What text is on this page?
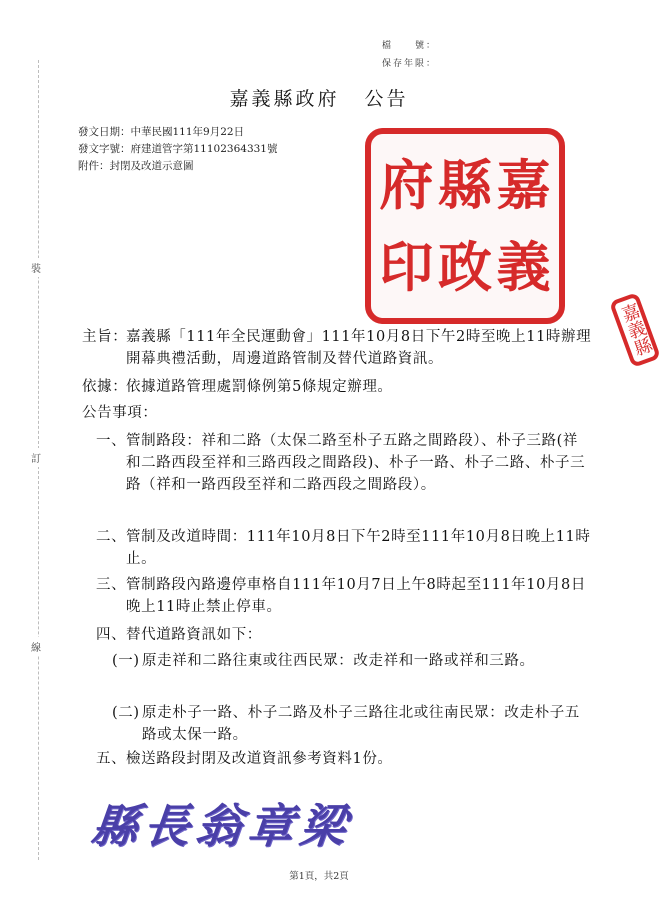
檔　　號：
保存年限：
嘉義縣政府 公告
發文日期：中華民國111年9月22日
發文字號：府建道管字第11102364331號
附件：封閉及改道示意圖
裝
訂
線
嘉
義
縣
政
府
印
嘉義縣
主旨：
嘉義縣「111年全民運動會」111年10月8日下午2時至晚上11時辦理開幕典禮活動，周邊道路管制及替代道路資訊。
依據：
依據道路管理處罰條例第5條規定辦理。
公告事項：
一、 管制路段：祥和二路（太保二路至朴子五路之間路段）、朴子三路(祥和二路西段至祥和三路西段之間路段)、朴子一路、朴子二路、朴子三路（祥和一路西段至祥和二路西段之間路段）。
二、 管制及改道時間：111年10月8日下午2時至111年10月8日晚上11時止。
三、 管制路段內路邊停車格自111年10月7日上午8時起至111年10月8日晚上11時止禁止停車。
四、 替代道路資訊如下：
(一) 原走祥和二路往東或往西民眾：改走祥和一路或祥和三路。
(二) 原走朴子一路、朴子二路及朴子三路往北或往南民眾：改走朴子五路或太保一路。
五、 檢送路段封閉及改道資訊參考資料1份。
縣長翁章梁
第1頁，共2頁
